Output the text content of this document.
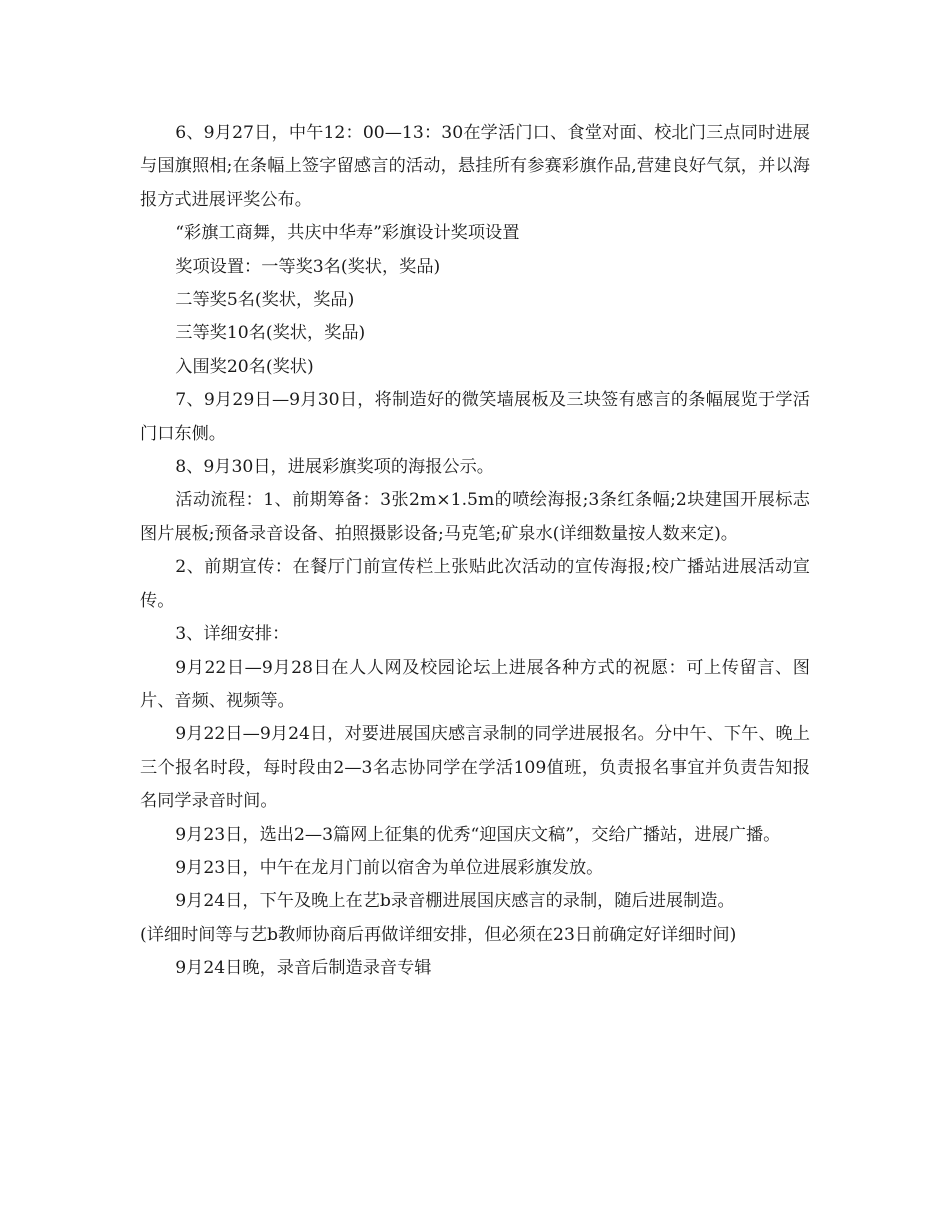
6、9月27日，中午12：00—13：30在学活门口、食堂对面、校北门三点同时进展与国旗照相;在条幅上签字留感言的活动，悬挂所有参赛彩旗作品,营建良好气氛，并以海报方式进展评奖公布。

“彩旗工商舞，共庆中华寿”彩旗设计奖项设置

奖项设置：一等奖3名(奖状，奖品)

二等奖5名(奖状，奖品)

三等奖10名(奖状，奖品)

入围奖20名(奖状)

7、9月29日—9月30日，将制造好的微笑墙展板及三块签有感言的条幅展览于学活门口东侧。

8、9月30日，进展彩旗奖项的海报公示。

活动流程：1、前期筹备：3张2m×1.5m的喷绘海报;3条红条幅;2块建国开展标志图片展板;预备录音设备、拍照摄影设备;马克笔;矿泉水(详细数量按人数来定)。

2、前期宣传：在餐厅门前宣传栏上张贴此次活动的宣传海报;校广播站进展活动宣传。

3、详细安排：

9月22日—9月28日在人人网及校园论坛上进展各种方式的祝愿：可上传留言、图片、音频、视频等。

9月22日—9月24日，对要进展国庆感言录制的同学进展报名。分中午、下午、晚上三个报名时段，每时段由2—3名志协同学在学活109值班，负责报名事宜并负责告知报名同学录音时间。

9月23日，选出2—3篇网上征集的优秀“迎国庆文稿”，交给广播站，进展广播。

9月23日，中午在龙月门前以宿舍为单位进展彩旗发放。

9月24日，下午及晚上在艺b录音棚进展国庆感言的录制，随后进展制造。

(详细时间等与艺b教师协商后再做详细安排，但必须在23日前确定好详细时间)

9月24日晚，录音后制造录音专辑
